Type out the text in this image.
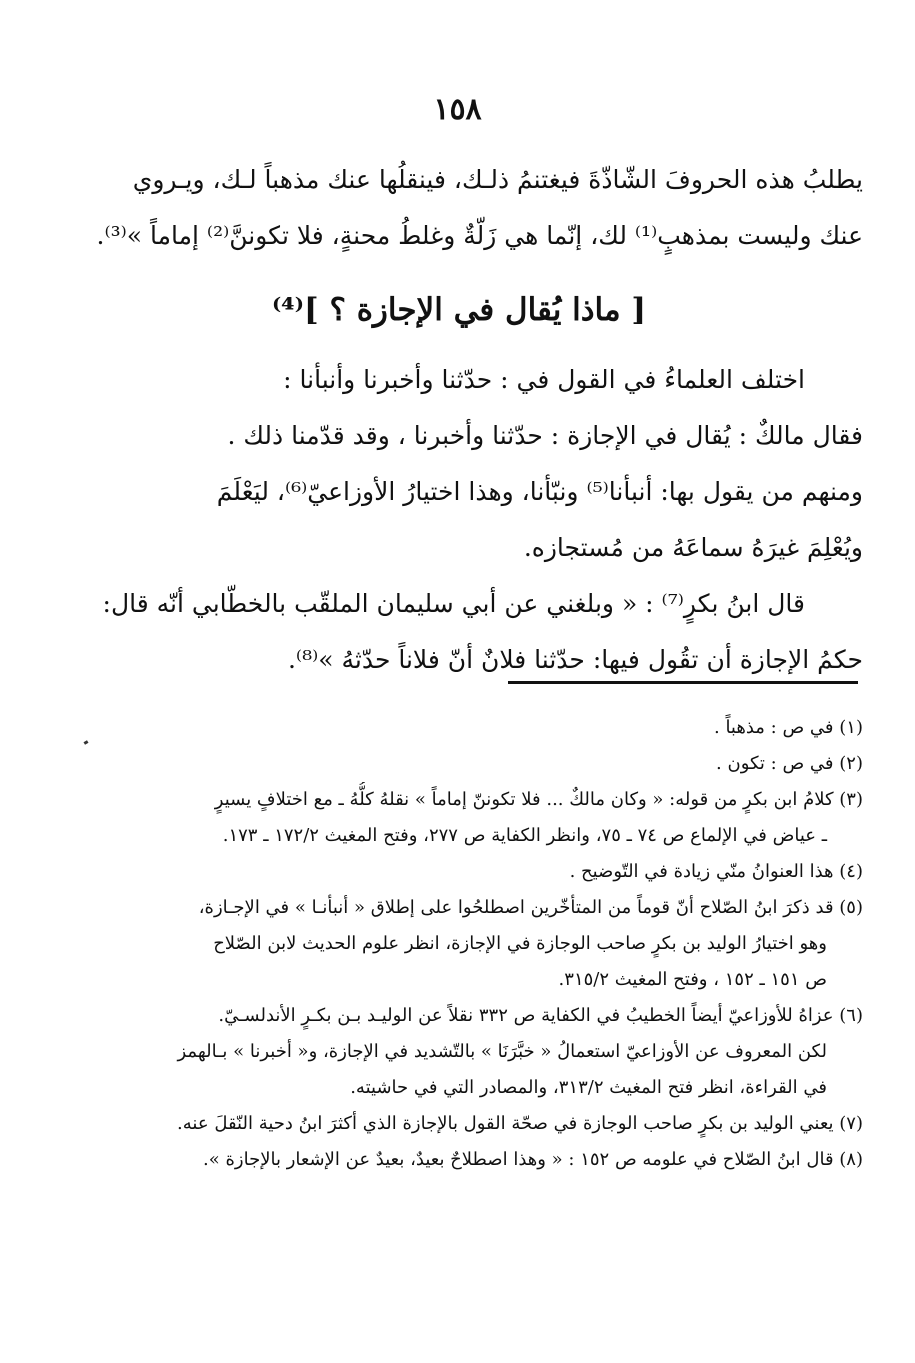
١٥٨
يطلبُ هذه الحروفَ الشّاذّةَ فيغتنمُ ذلـك، فينقلُها عنك مذهباً لـك، ويـروي
عنك وليست بمذهبٍ⁽¹⁾ لك، إنّما هي زَلّةٌ وغلطُ محنةٍ، فلا تكوننَّ⁽²⁾ إماماً »⁽³⁾.
[ ماذا يُقال في الإجازة ؟ ]⁽⁴⁾
اختلف العلماءُ في القول في : حدّثنا وأخبرنا وأنبأنا :
فقال مالكٌ : يُقال في الإجازة : حدّثنا وأخبرنا ، وقد قدّمنا ذلك .
ومنهم من يقول بها: أنبأنا⁽⁵⁾ ونبّأنا، وهذا اختيارُ الأوزاعيّ⁽⁶⁾، ليَعْلَمَ
ويُعْلِمَ غيرَهُ سماعَهُ من مُستجازه.
قال ابنُ بكرٍ⁽⁷⁾ : « وبلغني عن أبي سليمان الملقّب بالخطّابي أنّه قال:
حكمُ الإجازة أن تقُول فيها: حدّثنا فلانٌ أنّ فلاناً حدّثهُ »⁽⁸⁾.
(١) في ص : مذهباً .
(٢) في ص : تكون .
(٣) كلامُ ابن بكرٍ من قوله: « وكان مالكٌ ... فلا تكوننّ إماماً » نقلهُ كلُّهُ ـ مع اختلافٍ يسيرٍ
ـ عياض في الإلماع ص ٧٤ ـ ٧٥، وانظر الكفاية ص ٢٧٧، وفتح المغيث ١٧٢/٢ ـ ١٧٣.
(٤) هذا العنوانُ منّي زيادة في التّوضيح .
(٥) قد ذكرَ ابنُ الصّلاح أنّ قوماً من المتأخّرين اصطلحُوا على إطلاق « أنبأنـا » في الإجـازة،
وهو اختيارُ الوليد بن بكرٍ صاحب الوجازة في الإجازة، انظر علوم الحديث لابن الصّلاح
ص ١٥١ ـ ١٥٢ ، وفتح المغيث ٣١٥/٢.
(٦) عزاهُ للأوزاعيّ أيضاً الخطيبُ في الكفاية ص ٣٣٢ نقلاً عن الوليـد بـن بكـرٍ الأندلسـيّ.
لكن المعروف عن الأوزاعيّ استعمالُ « خبَّرَنَا » بالتّشديد في الإجازة، و« أخبرنا » بـالهمز
في القراءة، انظر فتح المغيث ٣١٣/٢، والمصادر التي في حاشيته.
(٧) يعني الوليد بن بكرٍ صاحب الوجازة في صحّة القول بالإجازة الذي أكثرَ ابنُ دحية النّقلَ عنه.
(٨) قال ابنُ الصّلاح في علومه ص ١٥٢ : « وهذا اصطلاحٌ بعيدٌ، بعيدٌ عن الإشعار بالإجازة ».
